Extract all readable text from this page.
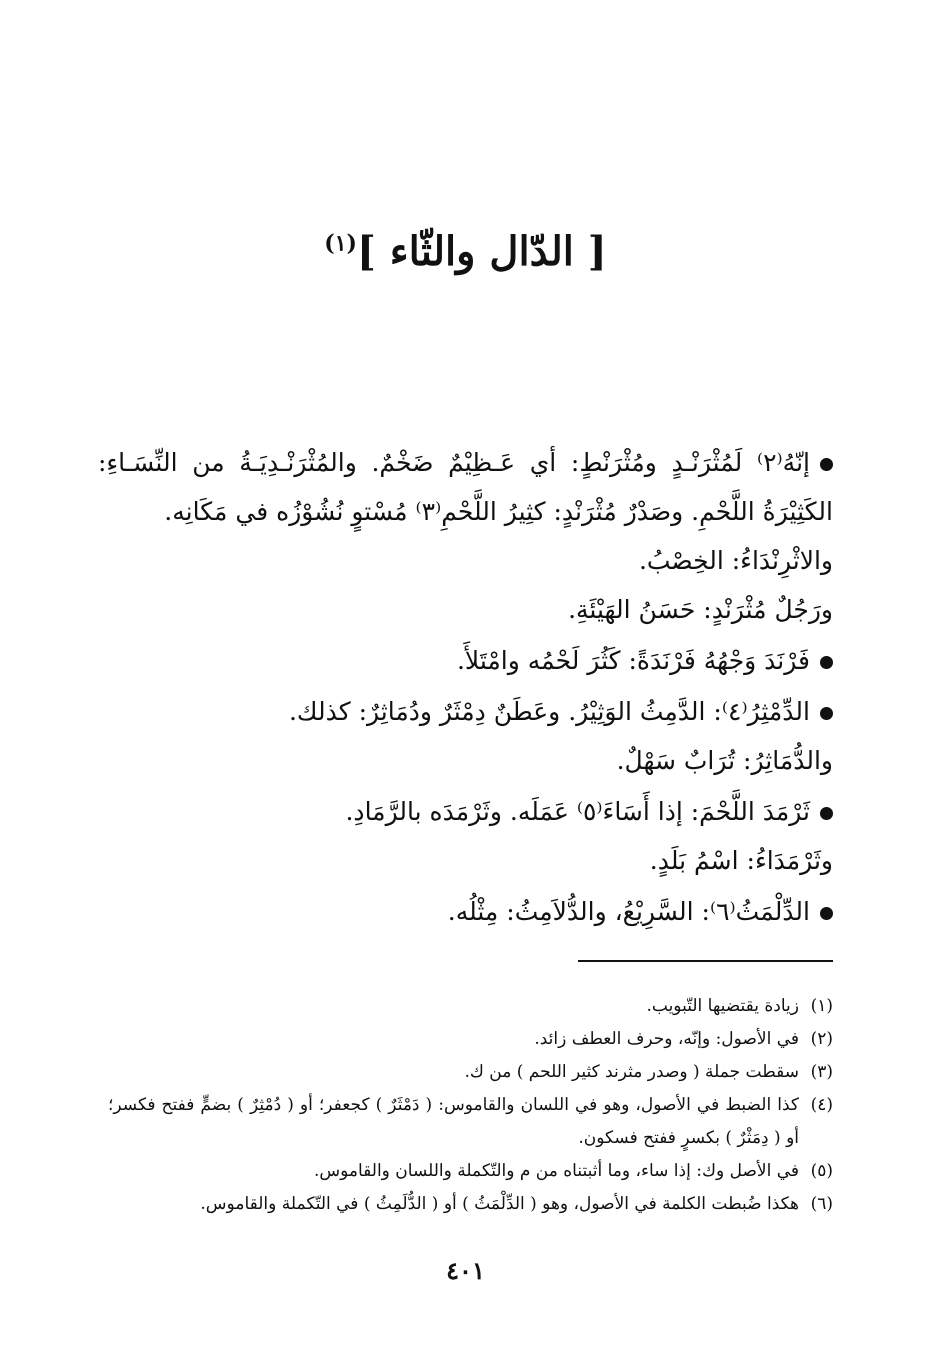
[ الدّال والثّاء ]$^{(١)}$

إنّهُ⁽٢⁾ لَمُثْرَنْـدٍ ومُثْرَنْطٍ: أي عَـظِيْمٌ ضَخْمٌ. والمُثْرَنْـدِيَـةُ من النِّسَـاءِ: الكَثِيْرَةُ اللَّحْمِ. وصَدْرٌ مُثْرَنْدٍ: كثِيرُ اللَّحْمِ⁽٣⁾ مُسْتوٍ نُشُوْزُه في مَكَانِه.

والاثْرِنْدَاءُ: الخِصْبُ.

ورَجُلٌ مُثْرَنْدٍ: حَسَنُ الهَيْئَةِ.

فَرْنَدَ وَجْهُهُ فَرْنَدَةً: كَثُرَ لَحْمُه وامْتَلأَ.

الدِّمْثِرُ⁽٤⁾: الدَّمِثُ الوَثِيْرُ. وعَطَنٌ دِمْثَرٌ ودُمَاثِرٌ: كذلك.

والدُّمَاثِرُ: تُرَابٌ سَهْلٌ.

ثَرْمَدَ اللَّحْمَ: إذا أَسَاءَ⁽٥⁾ عَمَلَه. وثَرْمَدَه بالرَّمَادِ.

وثَرْمَدَاءُ: اسْمُ بَلَدٍ.

الدِّلْمَثُ⁽٦⁾: السَّرِيْعُ، والدُّلاَمِثُ: مِثْلُه.

(١)
زيادة يقتضيها التّبويب.
(٢)
في الأصول: وإنّه، وحرف العطف زائد.
(٣)
سقطت جملة ( وصدر مثرند كثير اللحم ) من ك.
(٤)
كذا الضبط في الأصول، وهو في اللسان والقاموس: ( دَمْثَرٌ ) كجعفر؛ أو ( دُمْثِرٌ ) بضمٍّ ففتح فكسر؛ أو ( دِمَثْرٌ ) بكسرٍ ففتح فسكون.
(٥)
في الأصل وك: إذا ساء، وما أثبتناه من م والتّكملة واللسان والقاموس.
(٦)
هكذا ضُبطت الكلمة في الأصول، وهو ( الدِّلْمَثُ ) أو ( الدُّلَمِثُ ) في التّكملة والقاموس.
٤٠١
